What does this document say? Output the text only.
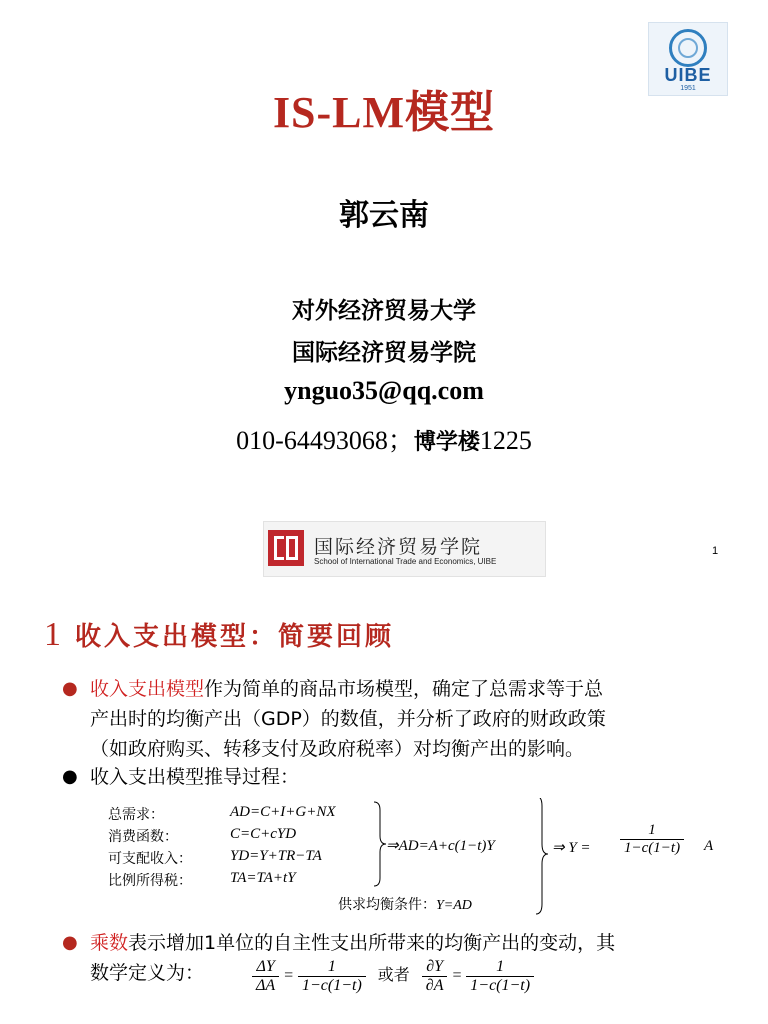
UIBE
1951
IS-LM模型
郭云南
对外经济贸易大学
国际经济贸易学院
ynguo35@qq.com
010-64493068；博学楼1225
国际经济贸易学院
School of International Trade and Economics, UIBE
1
1 收入支出模型：简要回顾
● 收入支出模型作为简单的商品市场模型，确定了总需求等于总
产出时的均衡产出（GDP）的数值，并分析了政府的财政政策
（如政府购买、转移支付及政府税率）对均衡产出的影响。
● 收入支出模型推导过程：
总需求：
消费函数：
可支配收入：
比例所得税：
AD=C+I+G+NX
C=C+cYD
YD=Y+TR−TA
TA=TA+tY
⇒AD=A+c(1−t)Y	⇒ $Y = \frac{1}{1-c(1-t)}$ A
供求均衡条件：Y=AD
● 乘数表示增加1单位的自主性支出所带来的均衡产出的变动，其
数学定义为：	$\frac{\Delta Y}{\Delta A} = \frac{1}{1-c(1-t)}$ 或者 $\frac{\partial Y}{\partial A} = \frac{1}{1-c(1-t)}$
